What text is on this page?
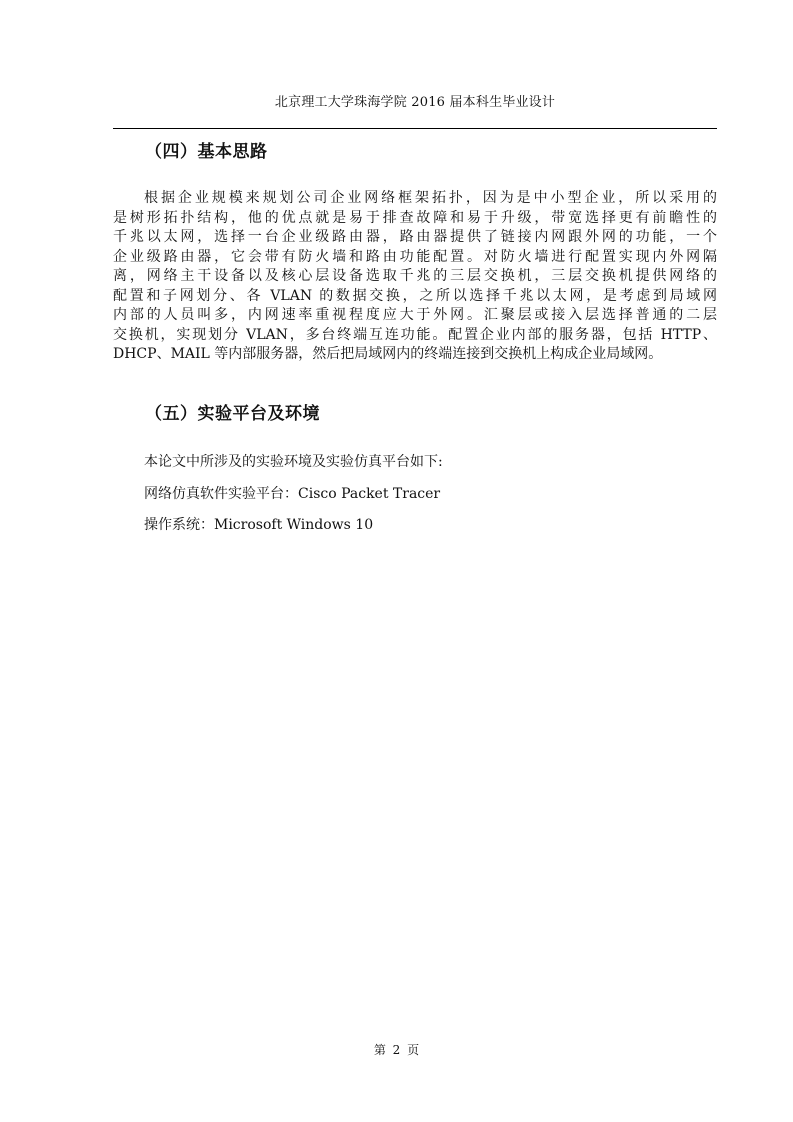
北京理工大学珠海学院 2016 届本科生毕业设计
（四）基本思路
根据企业规模来规划公司企业网络框架拓扑，因为是中小型企业，所以采用的
是树形拓扑结构，他的优点就是易于排查故障和易于升级，带宽选择更有前瞻性的
千兆以太网，选择一台企业级路由器，路由器提供了链接内网跟外网的功能，一个
企业级路由器，它会带有防火墙和路由功能配置。对防火墙进行配置实现内外网隔
离，网络主干设备以及核心层设备选取千兆的三层交换机，三层交换机提供网络的
配置和子网划分、各 VLAN 的数据交换，之所以选择千兆以太网，是考虑到局域网
内部的人员叫多，内网速率重视程度应大于外网。汇聚层或接入层选择普通的二层
交换机，实现划分 VLAN，多台终端互连功能。配置企业内部的服务器，包括 HTTP、
DHCP、MAIL 等内部服务器，然后把局域网内的终端连接到交换机上构成企业局域网。
（五）实验平台及环境
本论文中所涉及的实验环境及实验仿真平台如下:
网络仿真软件实验平台：Cisco Packet Tracer
操作系统：Microsoft Windows 10
第 2 页
